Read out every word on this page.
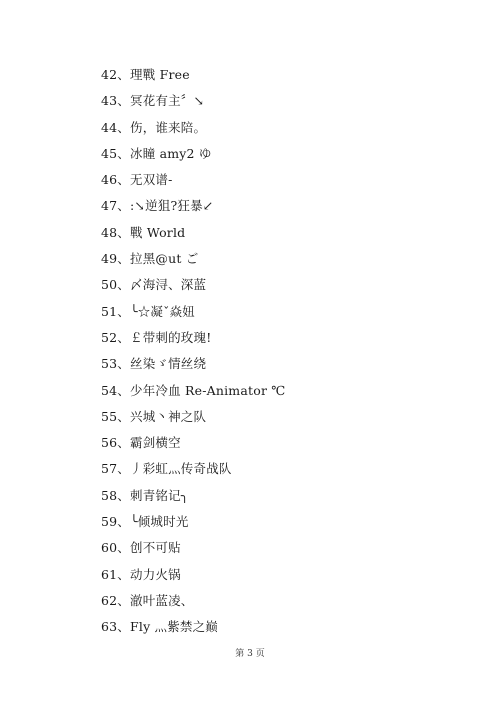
42、理戰 Free
43、冥花有主〞↘
44、伤，谁来陪。
45、冰瞳 amy2 ゆ
46、无双谱-
47、:↘逆狙?狂暴↙
48、戰 World
49、拉黑@ut ご
50、〆海浔、深蓝
51、╰☆凝ˇ焱妞
52、￡带刺的玫瑰!
53、丝染ゞ情丝绕
54、少年冷血 Re-Animator ℃
55、兴城丶神之队
56、霸剑横空
57、丿彩虹灬传奇战队
58、刺青铭记╮
59、╰倾城时光
60、创不可贴
61、动力火锅
62、澈叶蓝凌、
63、Fly 灬紫禁之巅
第 3 页
